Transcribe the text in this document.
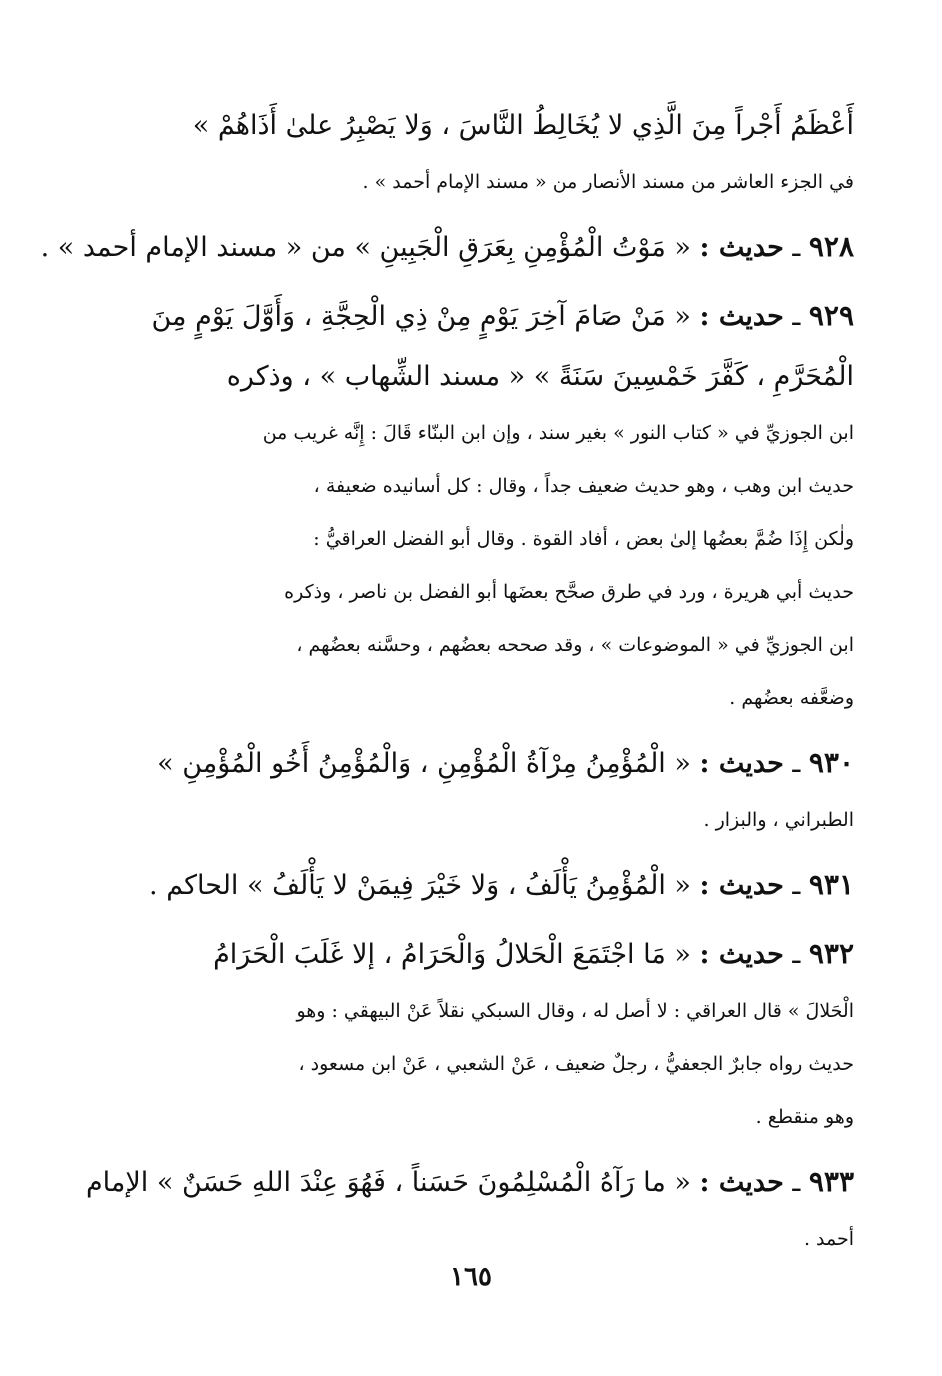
أَعْظَمُ أَجْراً مِنَ الَّذِي لا يُخَالِطُ النَّاسَ ، وَلا يَصْبِرُ علىٰ أَذَاهُمْ »
في الجزء العاشر من مسند الأنصار من « مسند الإمام أحمد » .
٩٢٨ ـ حديث : « مَوْتُ الْمُؤْمِنِ بِعَرَقِ الْجَبِينِ » من « مسند الإمام أحمد » .
٩٢٩ ـ حديث : « مَنْ صَامَ آخِرَ يَوْمٍ مِنْ ذِي الْحِجَّةِ ، وَأَوَّلَ يَوْمٍ مِنَ
الْمُحَرَّمِ ، كَفَّرَ خَمْسِينَ سَنَةً » « مسند الشِّهاب » ، وذكره
ابن الجوزيِّ في « كتاب النور » بغير سند ، وإن ابن البنّاء قَالَ : إِنَّه غريب من
حديث ابن وهب ، وهو حديث ضعيف جداً ، وقال : كل أسانيده ضعيفة ،
ولٰكن إِذَا ضُمَّ بعضُها إلىٰ بعض ، أفاد القوة . وقال أبو الفضل العراقيُّ :
حديث أبي هريرة ، ورد في طرق صحَّح بعضَها أبو الفضل بن ناصر ، وذكره
ابن الجوزيِّ في « الموضوعات » ، وقد صححه بعضُهم ، وحسَّنه بعضُهم ،
وضعَّفه بعضُهم .
٩٣٠ ـ حديث : « الْمُؤْمِنُ مِرْآةُ الْمُؤْمِنِ ، وَالْمُؤْمِنُ أَخُو الْمُؤْمِنِ »
الطبراني ، والبزار .
٩٣١ ـ حديث : « الْمُؤْمِنُ يَأْلَفُ ، وَلا خَيْرَ فِيمَنْ لا يَأْلَفُ » الحاكم .
٩٣٢ ـ حديث : « مَا اجْتَمَعَ الْحَلالُ وَالْحَرَامُ ، إلا غَلَبَ الْحَرَامُ
الْحَلالَ » قال العراقي : لا أصل له ، وقال السبكي نقلاً عَنْ البيهقي : وهو
حديث رواه جابرٌ الجعفيُّ ، رجلٌ ضعيف ، عَنْ الشعبي ، عَنْ ابن مسعود ،
وهو منقطع .
٩٣٣ ـ حديث : « ما رَآهُ الْمُسْلِمُونَ حَسَناً ، فَهُوَ عِنْدَ اللهِ حَسَنٌ » الإمام
أحمد .
١٦٥
